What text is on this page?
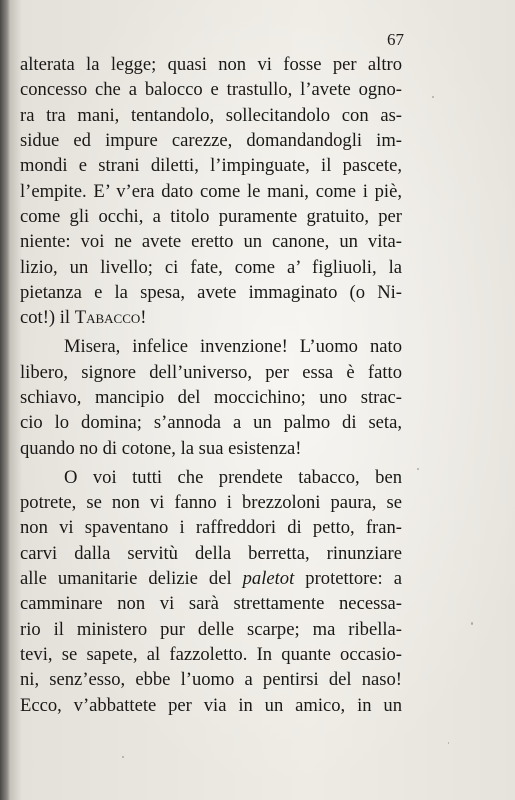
67
alterata la legge; quasi non vi fosse per altro
concesso che a balocco e trastullo, l’avete ogno-
ra tra mani, tentandolo, sollecitandolo con as-
sidue ed impure carezze, domandandogli im-
mondi e strani diletti, l’impinguate, il pascete,
l’empite. E’ v’era dato come le mani, come i piè,
come gli occhi, a titolo puramente gratuito, per
niente: voi ne avete eretto un canone, un vita-
lizio, un livello; ci fate, come a’ figliuoli, la
pietanza e la spesa, avete immaginato (o Ni-
cot!) il Tabacco!
Misera, infelice invenzione! L’uomo nato
libero, signore dell’universo, per essa è fatto
schiavo, mancipio del moccichino; uno strac-
cio lo domina; s’annoda a un palmo di seta,
quando no di cotone, la sua esistenza!
O voi tutti che prendete tabacco, ben
potrete, se non vi fanno i brezzoloni paura, se
non vi spaventano i raffreddori di petto, fran-
carvi dalla servitù della berretta, rinunziare
alle umanitarie delizie del paletot protettore: a
camminare non vi sarà strettamente necessa-
rio il ministero pur delle scarpe; ma ribella-
tevi, se sapete, al fazzoletto. In quante occasio-
ni, senz’esso, ebbe l’uomo a pentirsi del naso!
Ecco, v’abbattete per via in un amico, in un
